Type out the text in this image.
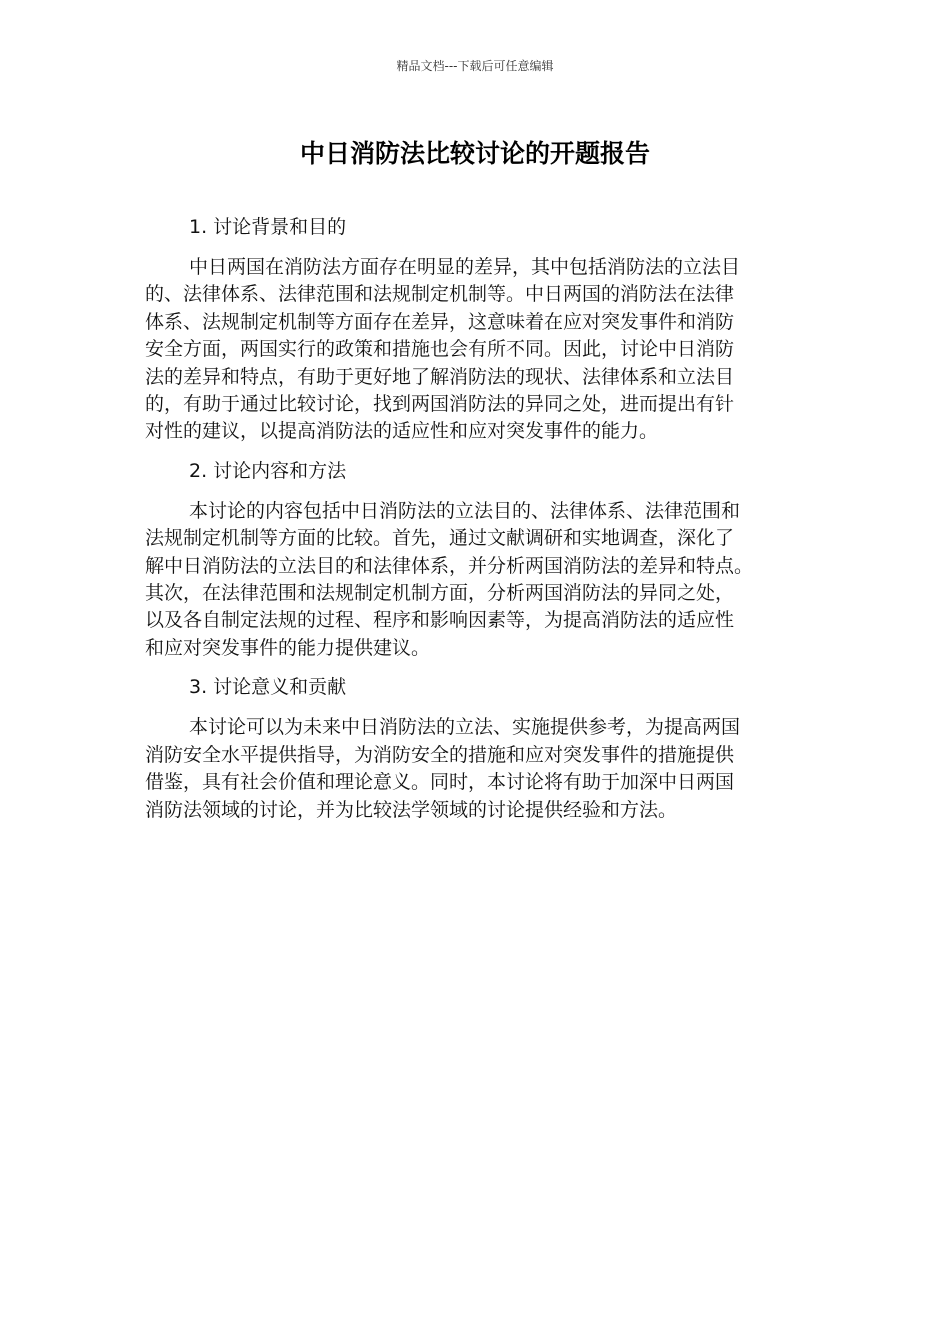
精品文档---下载后可任意编辑
中日消防法比较讨论的开题报告
1. 讨论背景和目的

中日两国在消防法方面存在明显的差异，其中包括消防法的立法目
的、法律体系、法律范围和法规制定机制等。中日两国的消防法在法律
体系、法规制定机制等方面存在差异，这意味着在应对突发事件和消防
安全方面，两国实行的政策和措施也会有所不同。因此，讨论中日消防
法的差异和特点，有助于更好地了解消防法的现状、法律体系和立法目
的，有助于通过比较讨论，找到两国消防法的异同之处，进而提出有针
对性的建议，以提高消防法的适应性和应对突发事件的能力。

2. 讨论内容和方法

本讨论的内容包括中日消防法的立法目的、法律体系、法律范围和
法规制定机制等方面的比较。首先，通过文献调研和实地调查，深化了
解中日消防法的立法目的和法律体系，并分析两国消防法的差异和特点。
其次，在法律范围和法规制定机制方面，分析两国消防法的异同之处，
以及各自制定法规的过程、程序和影响因素等，为提高消防法的适应性
和应对突发事件的能力提供建议。

3. 讨论意义和贡献

本讨论可以为未来中日消防法的立法、实施提供参考，为提高两国
消防安全水平提供指导，为消防安全的措施和应对突发事件的措施提供
借鉴，具有社会价值和理论意义。同时，本讨论将有助于加深中日两国
消防法领域的讨论，并为比较法学领域的讨论提供经验和方法。
